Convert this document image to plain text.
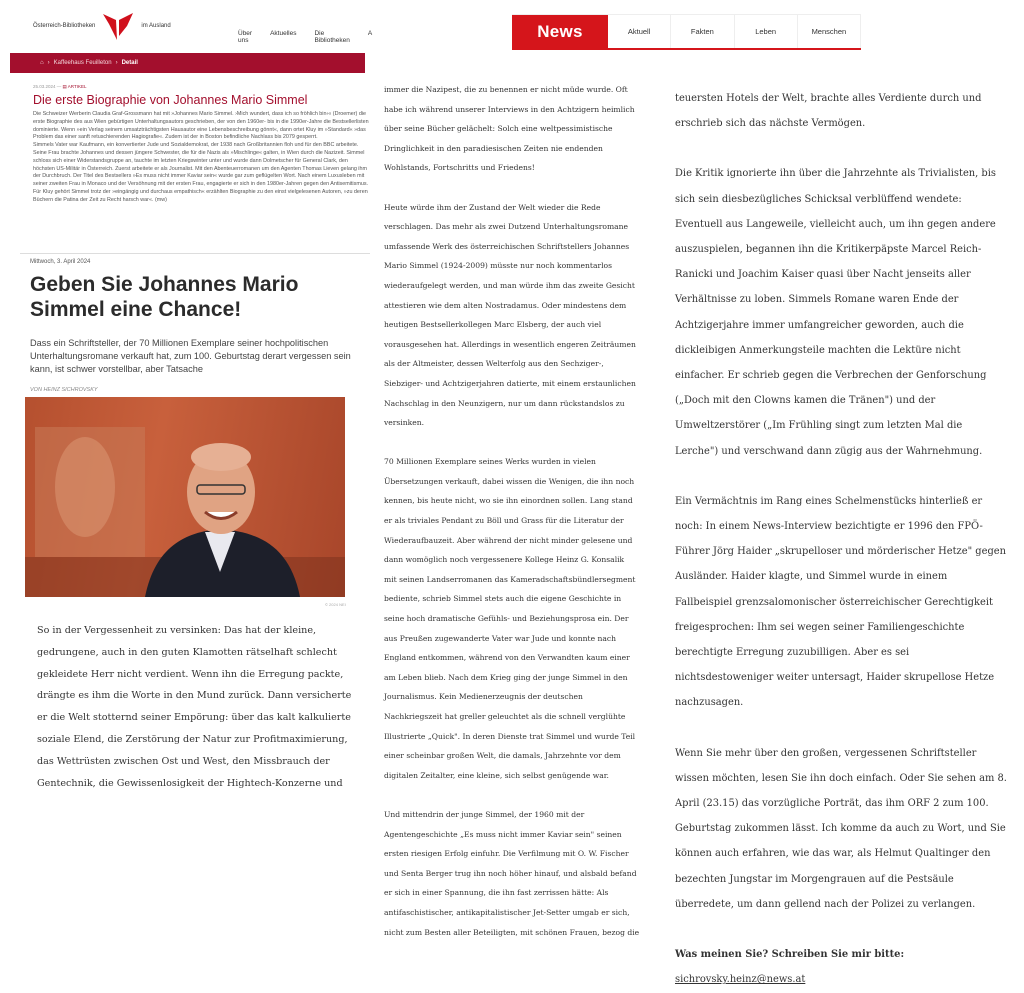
Österreich-Bibliotheken	im Ausland
Über uns
Aktuelles	Die Bibliotheken
A
⌂ › Kaffeehaus Feuilleton › Detail
25.03.2024 — ▤ ARTIKEL
Die erste Biographie von Johannes Mario Simmel

Die Schweizer Werberin Claudia Graf-Grossmann hat mit »Johannes Mario Simmel. ›Mich wundert, dass ich so fröhlich bin‹« (Droemer) die erste Biographie des aus Wien gebürtigen Unterhaltungsautors geschrieben, der von den 1960er- bis in die 1990er-Jahre die Bestsellerlisten dominierte. Wenn »ein Verlag seinem umsatzträchtigsten Hausautor eine Lebensbeschreibung gönnt«, dann ortet Kluy im »Standard« »das Problem das einer sanft retuschierenden Hagiografie«. Zudem ist der in Boston befindliche Nachlass bis 2079 gesperrt.

Simmels Vater war Kaufmann, ein konvertierter Jude und Sozialdemokrat, der 1938 nach Großbritannien floh und für den BBC arbeitete. Seine Frau brachte Johannes und dessen jüngere Schwester, die für die Nazis als »Mischlinge« galten, in Wien durch die Nazizeit. Simmel schloss sich einer Widerstandsgruppe an, tauchte im letzten Kriegswinter unter und wurde dann Dolmetscher für General Clark, den höchsten US-Militär in Österreich. Zuerst arbeitete er als Journalist. Mit den Abenteuerromanen um den Agenten Thomas Lieven gelang ihm der Durchbruch. Der Titel des Bestsellers »Es muss nicht immer Kaviar sein« wurde gar zum geflügelten Wort. Nach einem Luxusleben mit seiner zweiten Frau in Monaco und der Versöhnung mit der ersten Frau, engagierte er sich in den 1980er-Jahren gegen den Antisemitismus.

Für Kluy gehört Simmel trotz der »eingängig und durchaus empathisch« erzählten Biographie zu den einst vielgelesenen Autoren, »zu deren Büchern die Patina der Zeit zu Recht harsch war«. (mw)

Mittwoch, 3. April 2024
Geben Sie Johannes Mario Simmel eine Chance!
Dass ein Schriftsteller, der 70 Millionen Exemplare seiner hochpolitischen Unterhaltungsromane verkauft hat, zum 100. Geburtstag derart vergessen sein kann, ist schwer vorstellbar, aber Tatsache
VON HEINZ SICHROVSKY
© 2024 NEI
So in der Vergessenheit zu versinken: Das hat der kleine,
gedrungene, auch in den guten Klamotten rätselhaft schlecht
gekleidete Herr nicht verdient. Wenn ihn die Erregung packte,
drängte es ihm die Worte in den Mund zurück. Dann versicherte
er die Welt stotternd seiner Empörung: über das kalt kalkulierte
soziale Elend, die Zerstörung der Natur zur Profitmaximierung,
das Wettrüsten zwischen Ost und West, den Missbrauch der
Gentechnik, die Gewissenlosigkeit der Hightech-Konzerne und
News	Aktuell	Fakten	Leben	Menschen
immer die Nazipest, die zu benennen er nicht müde wurde. Oft
habe ich während unserer Interviews in den Achtzigern heimlich
über seine Bücher gelächelt: Solch eine weltpessimistische
Dringlichkeit in den paradiesischen Zeiten nie endenden
Wohlstands, Fortschritts und Friedens!
Heute würde ihm der Zustand der Welt wieder die Rede
verschlagen. Das mehr als zwei Dutzend Unterhaltungsromane
umfassende Werk des österreichischen Schriftstellers Johannes
Mario Simmel (1924-2009) müsste nur noch kommentarlos
wiederaufgelegt werden, und man würde ihm das zweite Gesicht
attestieren wie dem alten Nostradamus. Oder mindestens dem
heutigen Bestsellerkollegen Marc Elsberg, der auch viel
vorausgesehen hat. Allerdings in wesentlich engeren Zeiträumen
als der Altmeister, dessen Welterfolg aus den Sechziger-,
Siebziger- und Achtzigerjahren datierte, mit einem erstaunlichen
Nachschlag in den Neunzigern, nur um dann rückstandslos zu
versinken.
70 Millionen Exemplare seines Werks wurden in vielen
Übersetzungen verkauft, dabei wissen die Wenigen, die ihn noch
kennen, bis heute nicht, wo sie ihn einordnen sollen. Lang stand
er als triviales Pendant zu Böll und Grass für die Literatur der
Wiederaufbauzeit. Aber während der nicht minder gelesene und
dann womöglich noch vergessenere Kollege Heinz G. Konsalik
mit seinen Landserromanen das Kameradschaftsbündlersegment
bediente, schrieb Simmel stets auch die eigene Geschichte in
seine hoch dramatische Gefühls- und Beziehungsprosa ein. Der
aus Preußen zugewanderte Vater war Jude und konnte nach
England entkommen, während von den Verwandten kaum einer
am Leben blieb. Nach dem Krieg ging der junge Simmel in den
Journalismus. Kein Medienerzeugnis der deutschen
Nachkriegszeit hat greller geleuchtet als die schnell verglühte
Illustrierte „Quick". In deren Dienste trat Simmel und wurde Teil
einer scheinbar großen Welt, die damals, Jahrzehnte vor dem
digitalen Zeitalter, eine kleine, sich selbst genügende war.
Und mittendrin der junge Simmel, der 1960 mit der
Agentengeschichte „Es muss nicht immer Kaviar sein" seinen
ersten riesigen Erfolg einfuhr. Die Verfilmung mit O. W. Fischer
und Senta Berger trug ihn noch höher hinauf, und alsbald befand
er sich in einer Spannung, die ihn fast zerrissen hätte: Als
antifaschistischer, antikapitalistischer Jet-Setter umgab er sich,
nicht zum Besten aller Beteiligten, mit schönen Frauen, bezog die
teuersten Hotels der Welt, brachte alles Verdiente durch und
erschrieb sich das nächste Vermögen.
Die Kritik ignorierte ihn über die Jahrzehnte als Trivialisten, bis
sich sein diesbezügliches Schicksal verblüffend wendete:
Eventuell aus Langeweile, vielleicht auch, um ihn gegen andere
auszuspielen, begannen ihn die Kritikerpäpste Marcel Reich-
Ranicki und Joachim Kaiser quasi über Nacht jenseits aller
Verhältnisse zu loben. Simmels Romane waren Ende der
Achtzigerjahre immer umfangreicher geworden, auch die
dickleibigen Anmerkungsteile machten die Lektüre nicht
einfacher. Er schrieb gegen die Verbrechen der Genforschung
(„Doch mit den Clowns kamen die Tränen") und der
Umweltzerstörer („Im Frühling singt zum letzten Mal die
Lerche") und verschwand dann zügig aus der Wahrnehmung.
Ein Vermächtnis im Rang eines Schelmenstücks hinterließ er
noch: In einem News-Interview bezichtigte er 1996 den FPÖ-
Führer Jörg Haider „skrupelloser und mörderischer Hetze" gegen
Ausländer. Haider klagte, und Simmel wurde in einem
Fallbeispiel grenzsalomonischer österreichischer Gerechtigkeit
freigesprochen: Ihm sei wegen seiner Familiengeschichte
berechtigte Erregung zuzubilligen. Aber es sei
nichtsdestoweniger weiter untersagt, Haider skrupellose Hetze
nachzusagen.
Wenn Sie mehr über den großen, vergessenen Schriftsteller
wissen möchten, lesen Sie ihn doch einfach. Oder Sie sehen am 8.
April (23.15) das vorzügliche Porträt, das ihm ORF 2 zum 100.
Geburtstag zukommen lässt. Ich komme da auch zu Wort, und Sie
können auch erfahren, wie das war, als Helmut Qualtinger den
bezechten Jungstar im Morgengrauen auf die Pestsäule
überredete, um dann gellend nach der Polizei zu verlangen.
Was meinen Sie? Schreiben Sie mir bitte:
sichrovsky.heinz@news.at
